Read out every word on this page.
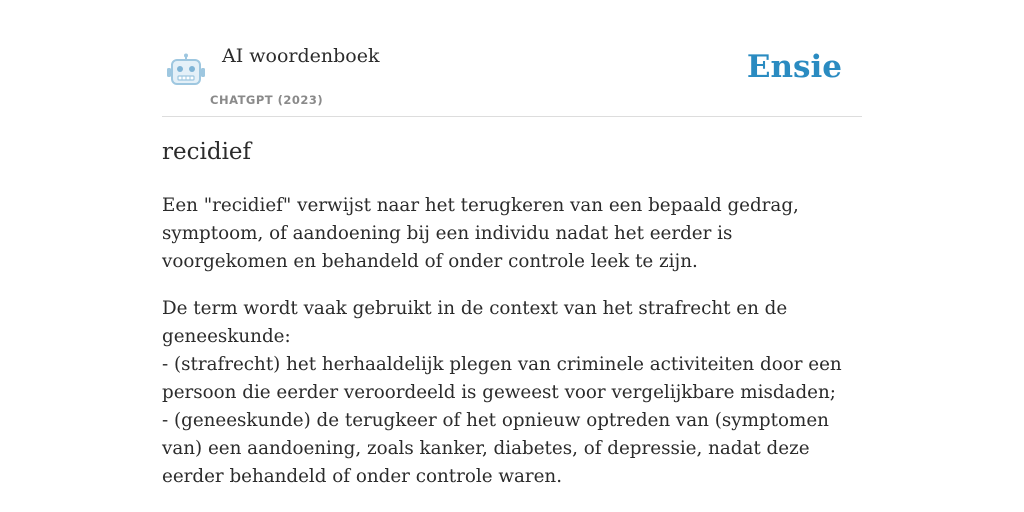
AI woordenboek
CHATGPT (2023)
Ensie
recidief
Een "recidief" verwijst naar het terugkeren van een bepaald gedrag, symptoom, of aandoening bij een individu nadat het eerder is voorgekomen en behandeld of onder controle leek te zijn.
De term wordt vaak gebruikt in de context van het strafrecht en de geneeskunde:
- (strafrecht) het herhaaldelijk plegen van criminele activiteiten door een persoon die eerder veroordeeld is geweest voor vergelijkbare misdaden;
- (geneeskunde) de terugkeer of het opnieuw optreden van (symptomen van) een aandoening, zoals kanker, diabetes, of depressie, nadat deze eerder behandeld of onder controle waren.
